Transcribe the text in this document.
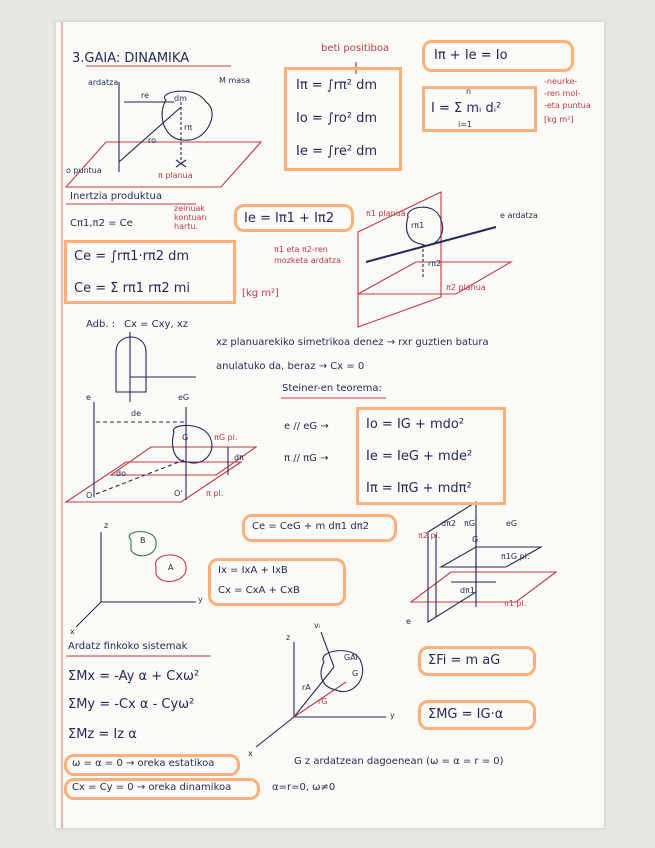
3.GAIA: DINAMIKA
beti positiboa
ardatza	M masa
dm
re
rπ
ro
o puntua
π planua
Iπ = ∫rπ² dm
Io = ∫ro² dm
Ie = ∫re² dm
Iπ + Ie = Io
I = Σ mᵢ dᵢ²
n
i=1
-neurke-
-ren mol-
-eta puntua
[kg m²]
Inertzia produktua
Cπ1,π2 = Ce
zeinuak
kontuan
hartu.
Ce = ∫rπ1·rπ2 dm
Ce = Σ rπ1 rπ2 mi	[kg m²]
Ie = Iπ1 + Iπ2
π1 eta π2-ren
mozketa ardatza
π1 planua
π2 planua
e ardatza
rπ1
rπ2
Adb. : Cx = Cxy, xz
xz planuarekiko simetrikoa denez → rxr guztien batura
anulatuko da, beraz → Cx = 0
Steiner-en teorema:
e // eG →
π // πG →
Io = IG + mdo²
Ie = IeG + mde²
Iπ = IπG + mdπ²
Ce = CeG + m dπ1 dπ2
e	eG
de
G	πG pl.
dπ
do
O	O'	π pl.
z
y
x
B
A	Ix = IxA + IxB
Cx = CxA + CxB
dπ2 πG	eG
π2 pl.	G
π1G pl.
dπ1
π1 pl.
e
Ardatz finkoko sistemak
ΣMx = -Ay α + Cxω²
ΣMy = -Cx α - Cyω²
ΣMz = Iz α
ω = α = 0 → oreka estatikoa
Cx = Cy = 0 → oreka dinamikoa	α=r=0, ω≠0
z
y
x
vᵢ
GAi
G
rG
rA
G z ardatzean dagoenean (ω = α = r = 0)
ΣFi = m aG
ΣMG = IG·α
